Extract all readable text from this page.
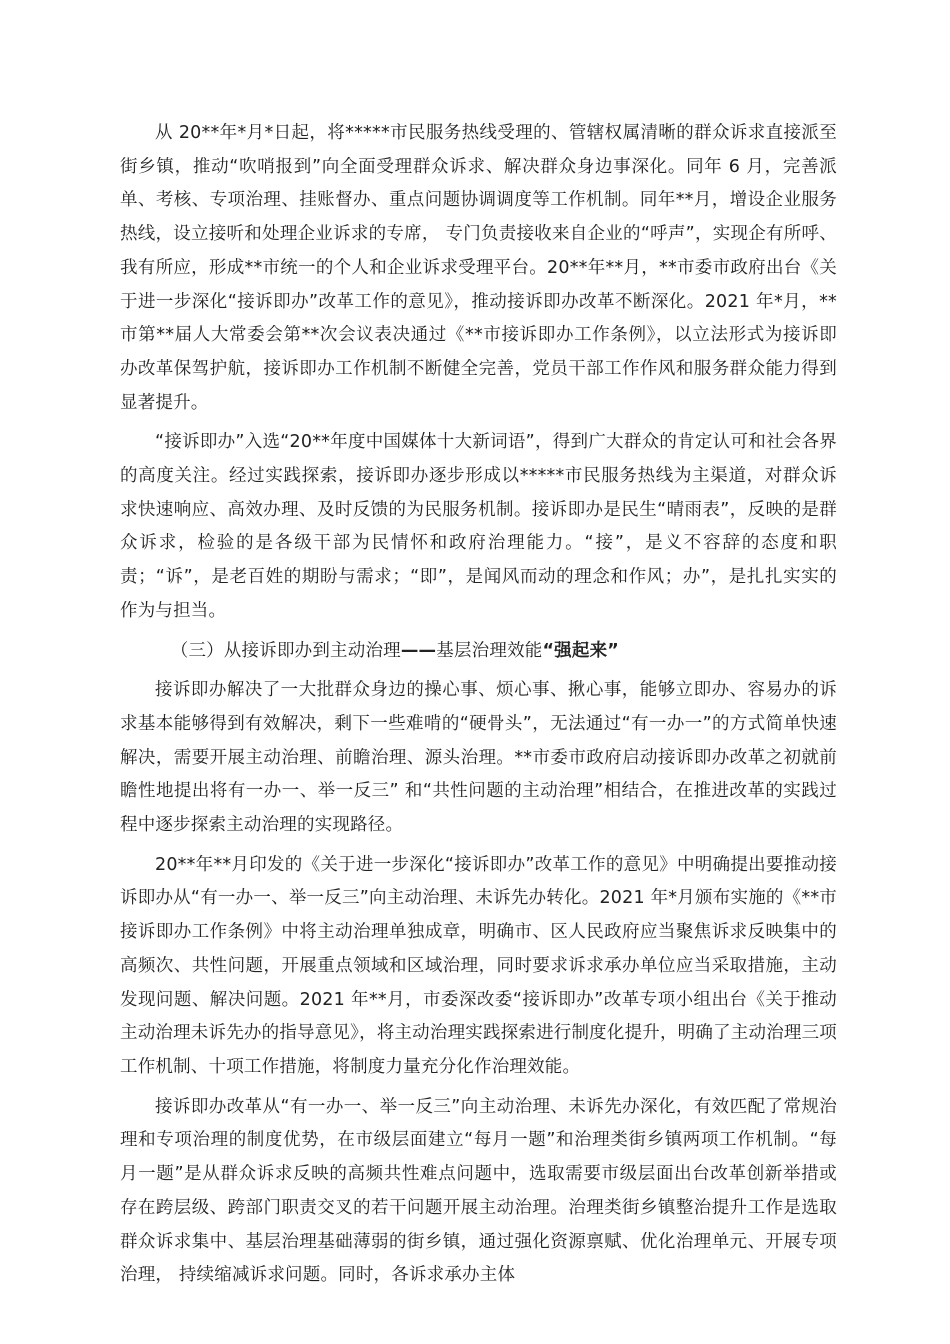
从 20**年*月*日起，将*****市民服务热线受理的、管辖权属清晰的群众诉求直接派至街乡镇，推动“吹哨报到”向全面受理群众诉求、解决群众身边事深化。同年 6 月，完善派单、考核、专项治理、挂账督办、重点问题协调调度等工作机制。同年**月，增设企业服务热线，设立接听和处理企业诉求的专席， 专门负责接收来自企业的“呼声”，实现企有所呼、我有所应，形成**市统一的个人和企业诉求受理平台。20**年**月，**市委市政府出台《关于进一步深化“接诉即办”改革工作的意见》，推动接诉即办改革不断深化。2021 年*月，**市第**届人大常委会第**次会议表决通过《**市接诉即办工作条例》，以立法形式为接诉即办改革保驾护航，接诉即办工作机制不断健全完善，党员干部工作作风和服务群众能力得到显著提升。

“接诉即办”入选“20**年度中国媒体十大新词语”，得到广大群众的肯定认可和社会各界的高度关注。经过实践探索，接诉即办逐步形成以*****市民服务热线为主渠道，对群众诉求快速响应、高效办理、及时反馈的为民服务机制。接诉即办是民生“晴雨表”，反映的是群众诉求，检验的是各级干部为民情怀和政府治理能力。“接”，是义不容辞的态度和职责；“诉”，是老百姓的期盼与需求；“即”，是闻风而动的理念和作风；办”，是扎扎实实的作为与担当。

（三）从接诉即办到主动治理——基层治理效能“强起来”

接诉即办解决了一大批群众身边的操心事、烦心事、揪心事，能够立即办、容易办的诉求基本能够得到有效解决，剩下一些难啃的“硬骨头”，无法通过“有一办一”的方式简单快速解决，需要开展主动治理、前瞻治理、源头治理。**市委市政府启动接诉即办改革之初就前瞻性地提出将有一办一、举一反三” 和“共性问题的主动治理”相结合，在推进改革的实践过程中逐步探索主动治理的实现路径。

20**年**月印发的《关于进一步深化“接诉即办”改革工作的意见》中明确提出要推动接诉即办从“有一办一、举一反三”向主动治理、未诉先办转化。2021 年*月颁布实施的《**市接诉即办工作条例》中将主动治理单独成章，明确市、区人民政府应当聚焦诉求反映集中的高频次、共性问题，开展重点领域和区域治理，同时要求诉求承办单位应当采取措施，主动发现问题、解决问题。2021 年**月，市委深改委“接诉即办”改革专项小组出台《关于推动主动治理未诉先办的指导意见》，将主动治理实践探索进行制度化提升，明确了主动治理三项工作机制、十项工作措施，将制度力量充分化作治理效能。

接诉即办改革从“有一办一、举一反三”向主动治理、未诉先办深化，有效匹配了常规治理和专项治理的制度优势，在市级层面建立“每月一题”和治理类街乡镇两项工作机制。“每月一题”是从群众诉求反映的高频共性难点问题中，选取需要市级层面出台改革创新举措或存在跨层级、跨部门职责交叉的若干问题开展主动治理。治理类街乡镇整治提升工作是选取群众诉求集中、基层治理基础薄弱的街乡镇，通过强化资源禀赋、优化治理单元、开展专项治理， 持续缩减诉求问题。同时，各诉求承办主体
